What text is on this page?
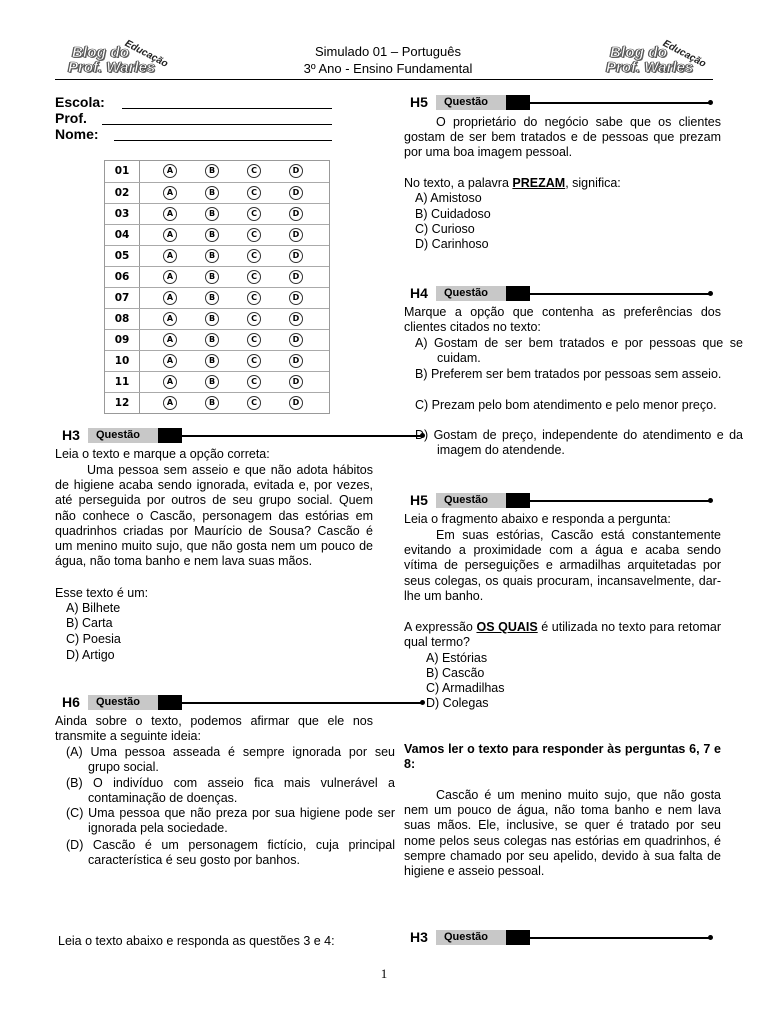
Blog do
Prof. Warles
Educação	Simulado 01 – Português
3º Ano - Ensino Fundamental
Blog do
Prof. Warles
Educação
Escola:
Prof.
Nome:
01	A	B	C	D
02	A	B	C	D
03	A	B	C	D
04	A	B	C	D
05	A	B	C	D
06	A	B	C	D
07	A	B	C	D
08	A	B	C	D
09	A	B	C	D
10	A	B	C	D
11	A	B	C	D
12	A	B	C	D
H3	Questão
Leia o texto e marque a opção correta:
Uma pessoa sem asseio e que não adota hábitos de higiene acaba sendo ignorada, evitada e, por vezes, até perseguida por outros de seu grupo social. Quem não conhece o Cascão, personagem das estórias em quadrinhos criadas por Maurício de Sousa? Cascão é um menino muito sujo, que não gosta nem um pouco de água, não toma banho e nem lava suas mãos.
Esse texto é um:
A) Bilhete
B) Carta
C) Poesia
D) Artigo
H6	Questão
Ainda sobre o texto, podemos afirmar que ele nos transmite a seguinte ideia:
(A) Uma pessoa asseada é sempre ignorada por seu grupo social.
(B) O indivíduo com asseio fica mais vulnerável a contaminação de doenças.
(C) Uma pessoa que não preza por sua higiene pode ser ignorada pela sociedade.
(D) Cascão é um personagem fictício, cuja principal característica é seu gosto por banhos.
Leia o texto abaixo e responda as questões 3 e 4:
H5	Questão
O proprietário do negócio sabe que os clientes gostam de ser bem tratados e de pessoas que prezam por uma boa imagem pessoal.
No texto, a palavra PREZAM, significa:
A) Amistoso
B) Cuidadoso
C) Curioso
D) Carinhoso
H4	Questão
Marque a opção que contenha as preferências dos clientes citados no texto:
A) Gostam de ser bem tratados e por pessoas que se cuidam.
B) Preferem ser bem tratados por pessoas sem asseio.
C) Prezam pelo bom atendimento e pelo menor preço.
D) Gostam de preço, independente do atendimento e da imagem do atendende.
H5	Questão
Leia o fragmento abaixo e responda a pergunta:
Em suas estórias, Cascão está constantemente evitando a proximidade com a água e acaba sendo vítima de perseguições e armadilhas arquitetadas por seus colegas, os quais procuram, incansavelmente, dar-lhe um banho.
A expressão OS QUAIS é utilizada no texto para retomar qual termo?
A) Estórias
B) Cascão
C) Armadilhas
D) Colegas
Vamos ler o texto para responder às perguntas 6, 7 e 8:
Cascão é um menino muito sujo, que não gosta nem um pouco de água, não toma banho e nem lava suas mãos. Ele, inclusive, se quer é tratado por seu nome pelos seus colegas nas estórias em quadrinhos, é sempre chamado por seu apelido, devido à sua falta de higiene e asseio pessoal.
H3	Questão
1
